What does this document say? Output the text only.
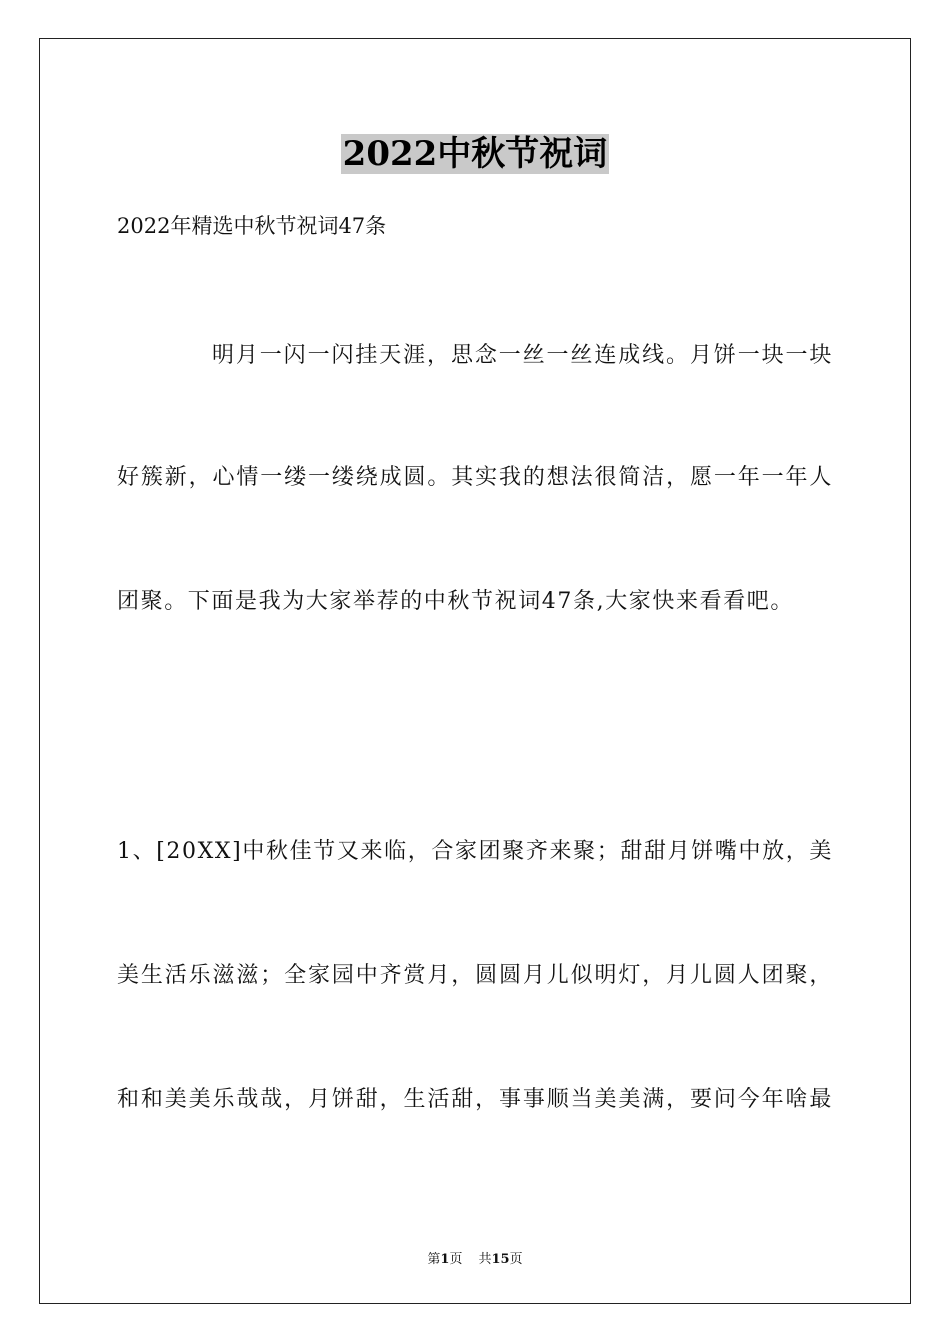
2022中秋节祝词
2022年精选中秋节祝词47条
明月一闪一闪挂天涯，思念一丝一丝连成线。月饼一块一块
好簇新，心情一缕一缕绕成圆。其实我的想法很简洁，愿一年一年人
团聚。下面是我为大家举荐的中秋节祝词47条,大家快来看看吧。
1、[20XX]中秋佳节又来临，合家团聚齐来聚；甜甜月饼嘴中放，美
美生活乐滋滋；全家园中齐赏月，圆圆月儿似明灯，月儿圆人团聚，
和和美美乐哉哉，月饼甜，生活甜，事事顺当美美满，要问今年啥最
第1页 共15页
